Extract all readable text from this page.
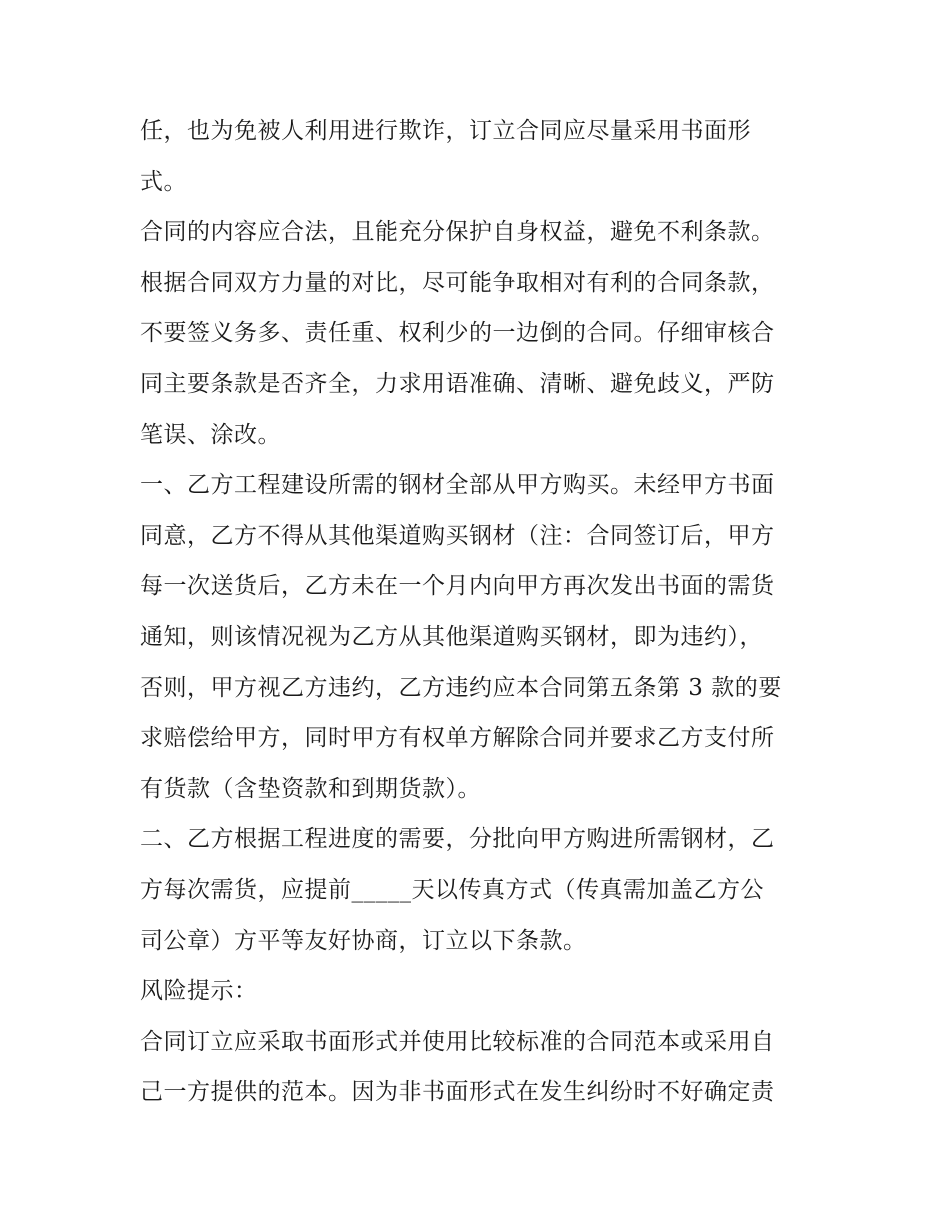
任，也为免被人利用进行欺诈，订立合同应尽量采用书面形
式。
合同的内容应合法，且能充分保护自身权益，避免不利条款。
根据合同双方力量的对比，尽可能争取相对有利的合同条款，
不要签义务多、责任重、权利少的一边倒的合同。仔细审核合
同主要条款是否齐全，力求用语准确、清晰、避免歧义，严防
笔误、涂改。
一、乙方工程建设所需的钢材全部从甲方购买。未经甲方书面
同意，乙方不得从其他渠道购买钢材（注：合同签订后，甲方
每一次送货后，乙方未在一个月内向甲方再次发出书面的需货
通知，则该情况视为乙方从其他渠道购买钢材，即为违约），
否则，甲方视乙方违约，乙方违约应本合同第五条第 3 款的要
求赔偿给甲方，同时甲方有权单方解除合同并要求乙方支付所
有货款（含垫资款和到期货款）。
二、乙方根据工程进度的需要，分批向甲方购进所需钢材，乙
方每次需货，应提前_____天以传真方式（传真需加盖乙方公
司公章）方平等友好协商，订立以下条款。
风险提示：
合同订立应采取书面形式并使用比较标准的合同范本或采用自
己一方提供的范本。因为非书面形式在发生纠纷时不好确定责
